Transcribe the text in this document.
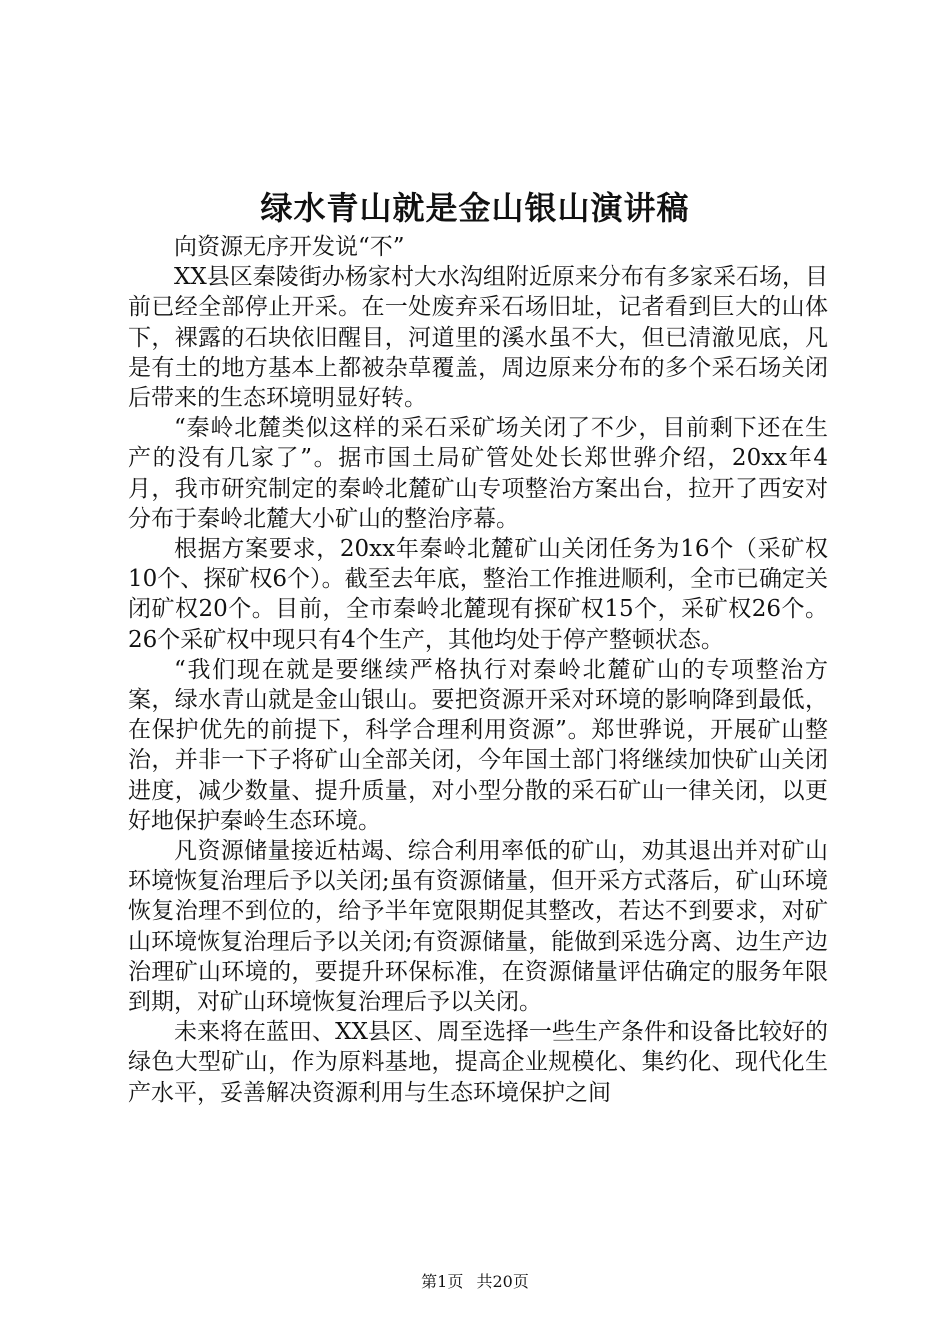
绿水青山就是金山银山演讲稿

向资源无序开发说“不”

XX县区秦陵街办杨家村大水沟组附近原来分布有多家采石场，目前已经全部停止开采。在一处废弃采石场旧址，记者看到巨大的山体下，裸露的石块依旧醒目，河道里的溪水虽不大，但已清澈见底，凡是有土的地方基本上都被杂草覆盖，周边原来分布的多个采石场关闭后带来的生态环境明显好转。

“秦岭北麓类似这样的采石采矿场关闭了不少，目前剩下还在生产的没有几家了”。据市国土局矿管处处长郑世骅介绍，20xx年4月，我市研究制定的秦岭北麓矿山专项整治方案出台，拉开了西安对分布于秦岭北麓大小矿山的整治序幕。

根据方案要求，20xx年秦岭北麓矿山关闭任务为16个（采矿权10个、探矿权6个）。截至去年底，整治工作推进顺利，全市已确定关闭矿权20个。目前，全市秦岭北麓现有探矿权15个，采矿权26个。26个采矿权中现只有4个生产，其他均处于停产整顿状态。

“我们现在就是要继续严格执行对秦岭北麓矿山的专项整治方案，绿水青山就是金山银山。要把资源开采对环境的影响降到最低，在保护优先的前提下，科学合理利用资源”。郑世骅说，开展矿山整治，并非一下子将矿山全部关闭，今年国土部门将继续加快矿山关闭进度，减少数量、提升质量，对小型分散的采石矿山一律关闭，以更好地保护秦岭生态环境。

凡资源储量接近枯竭、综合利用率低的矿山，劝其退出并对矿山环境恢复治理后予以关闭;虽有资源储量，但开采方式落后，矿山环境恢复治理不到位的，给予半年宽限期促其整改，若达不到要求，对矿山环境恢复治理后予以关闭;有资源储量，能做到采选分离、边生产边治理矿山环境的，要提升环保标准，在资源储量评估确定的服务年限到期，对矿山环境恢复治理后予以关闭。

未来将在蓝田、XX县区、周至选择一些生产条件和设备比较好的绿色大型矿山，作为原料基地，提高企业规模化、集约化、现代化生产水平，妥善解决资源利用与生态环境保护之间

第1页 共20页
